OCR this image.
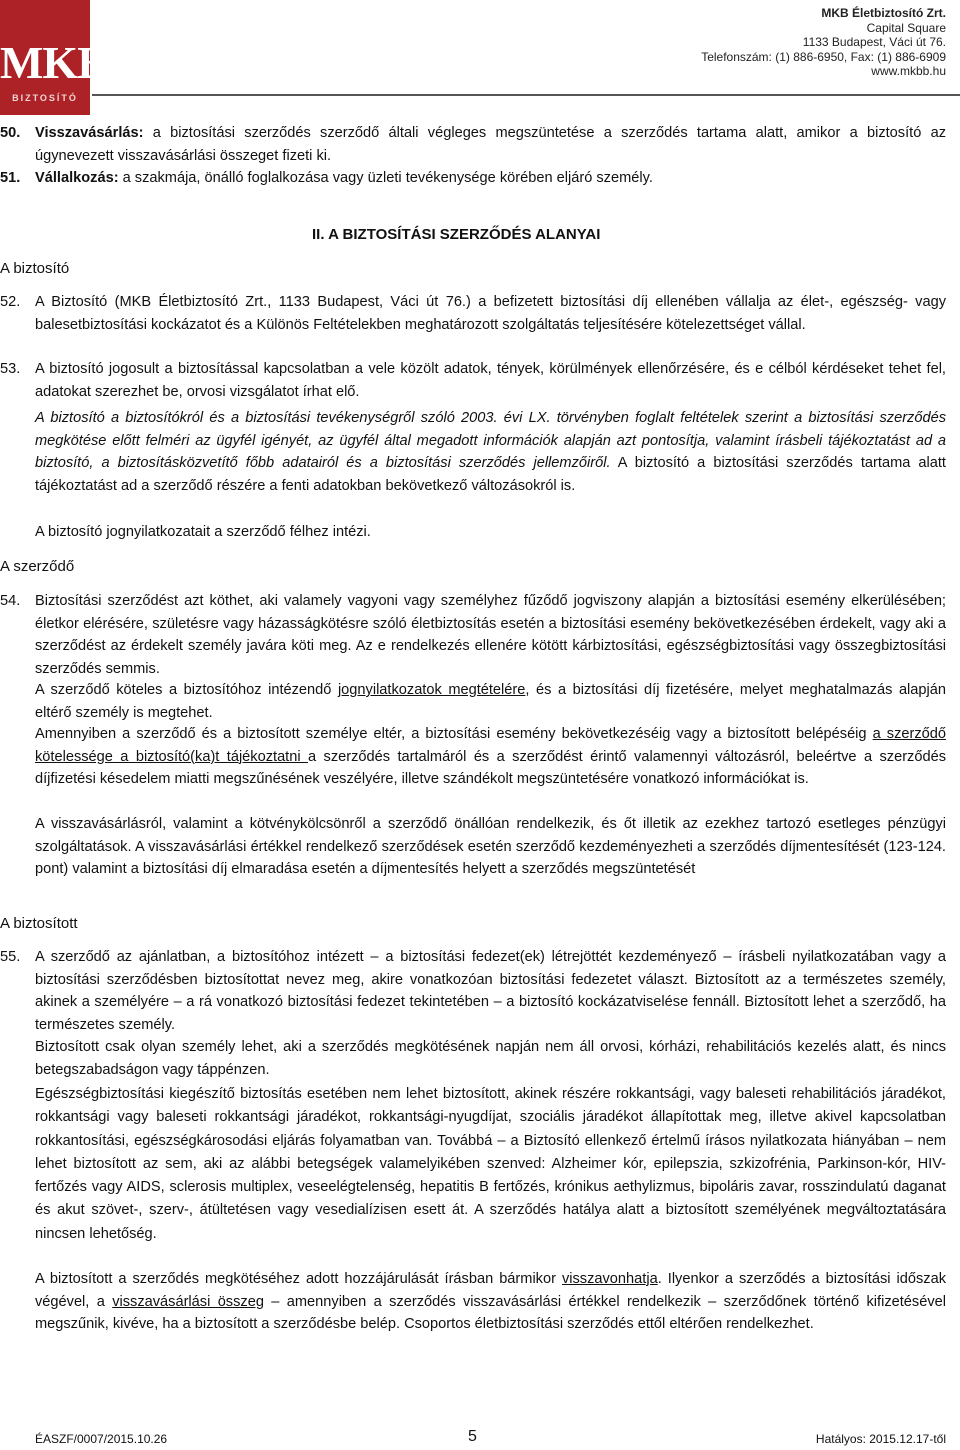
MKB
BIZTOSÍTÓ
MKB Életbiztosító Zrt.
Capital Square
1133 Budapest, Váci út 76.
Telefonszám: (1) 886-6950, Fax: (1) 886-6909
www.mkbb.hu
50. Visszavásárlás: a biztosítási szerződés szerződő általi végleges megszüntetése a szerződés tartama alatt, amikor a biztosító az úgynevezett visszavásárlási összeget fizeti ki.
51. Vállalkozás: a szakmája, önálló foglalkozása vagy üzleti tevékenysége körében eljáró személy.
II. A BIZTOSÍTÁSI SZERZŐDÉS ALANYAI
A biztosító
52. A Biztosító (MKB Életbiztosító Zrt., 1133 Budapest, Váci út 76.) a befizetett biztosítási díj ellenében vállalja az élet-, egészség- vagy balesetbiztosítási kockázatot és a Különös Feltételekben meghatározott szolgáltatás teljesítésére kötelezettséget vállal.
53. A biztosító jogosult a biztosítással kapcsolatban a vele közölt adatok, tények, körülmények ellenőrzésére, és e célból kérdéseket tehet fel, adatokat szerezhet be, orvosi vizsgálatot írhat elő.
A biztosító a biztosítókról és a biztosítási tevékenységről szóló 2003. évi LX. törvényben foglalt feltételek szerint a biztosítási szerződés megkötése előtt felméri az ügyfél igényét, az ügyfél által megadott információk alapján azt pontosítja, valamint írásbeli tájékoztatást ad a biztosító, a biztosításközvetítő főbb adatairól és a biztosítási szerződés jellemzőiről. A biztosító a biztosítási szerződés tartama alatt tájékoztatást ad a szerződő részére a fenti adatokban bekövetkező változásokról is.
A biztosító jognyilatkozatait a szerződő félhez intézi.
A szerződő
54. Biztosítási szerződést azt köthet, aki valamely vagyoni vagy személyhez fűződő jogviszony alapján a biztosítási esemény elkerülésében; életkor elérésére, születésre vagy házasságkötésre szóló életbiztosítás esetén a biztosítási esemény bekövetkezésében érdekelt, vagy aki a szerződést az érdekelt személy javára köti meg. Az e rendelkezés ellenére kötött kárbiztosítási, egészségbiztosítási vagy összegbiztosítási szerződés semmis.
A szerződő köteles a biztosítóhoz intézendő jognyilatkozatok megtételére, és a biztosítási díj fizetésére, melyet meghatalmazás alapján eltérő személy is megtehet.
Amennyiben a szerződő és a biztosított személye eltér, a biztosítási esemény bekövetkezéséig vagy a biztosított belépéséig a szerződő kötelessége a biztosító(ka)t tájékoztatni a szerződés tartalmáról és a szerződést érintő valamennyi változásról, beleértve a szerződés díjfizetési késedelem miatti megszűnésének veszélyére, illetve szándékolt megszüntetésére vonatkozó információkat is.
A visszavásárlásról, valamint a kötvénykölcsönről a szerződő önállóan rendelkezik, és őt illetik az ezekhez tartozó esetleges pénzügyi szolgáltatások. A visszavásárlási értékkel rendelkező szerződések esetén szerződő kezdeményezheti a szerződés díjmentesítését (123-124. pont) valamint a biztosítási díj elmaradása esetén a díjmentesítés helyett a szerződés megszüntetését
A biztosított
55. A szerződő az ajánlatban, a biztosítóhoz intézett – a biztosítási fedezet(ek) létrejöttét kezdeményező – írásbeli nyilatkozatában vagy a biztosítási szerződésben biztosítottat nevez meg, akire vonatkozóan biztosítási fedezetet választ. Biztosított az a természetes személy, akinek a személyére – a rá vonatkozó biztosítási fedezet tekintetében – a biztosító kockázatviselése fennáll. Biztosított lehet a szerződő, ha természetes személy.
Biztosított csak olyan személy lehet, aki a szerződés megkötésének napján nem áll orvosi, kórházi, rehabilitációs kezelés alatt, és nincs betegszabadságon vagy táppénzen.
Egészségbiztosítási kiegészítő biztosítás esetében nem lehet biztosított, akinek részére rokkantsági, vagy baleseti rehabilitációs járadékot, rokkantsági vagy baleseti rokkantsági járadékot, rokkantsági-nyugdíjat, szociális járadékot állapítottak meg, illetve akivel kapcsolatban rokkantosítási, egészségkárosodási eljárás folyamatban van. Továbbá – a Biztosító ellenkező értelmű írásos nyilatkozata hiányában – nem lehet biztosított az sem, aki az alábbi betegségek valamelyikében szenved: Alzheimer kór, epilepszia, szkizofrénia, Parkinson-kór, HIV-fertőzés vagy AIDS, sclerosis multiplex, veseelégtelenség, hepatitis B fertőzés, krónikus aethylizmus, bipoláris zavar, rosszindulatú daganat és akut szövet-, szerv-, átültetésen vagy vesedialízisen esett át. A szerződés hatálya alatt a biztosított személyének megváltoztatására nincsen lehetőség.
A biztosított a szerződés megkötéséhez adott hozzájárulását írásban bármikor visszavonhatja. Ilyenkor a szerződés a biztosítási időszak végével, a visszavásárlási összeg – amennyiben a szerződés visszavásárlási értékkel rendelkezik – szerződőnek történő kifizetésével megszűnik, kivéve, ha a biztosított a szerződésbe belép. Csoportos életbiztosítási szerződés ettől eltérően rendelkezhet.
ÉASZF/0007/2015.10.26	5	Hatályos: 2015.12.17-től
